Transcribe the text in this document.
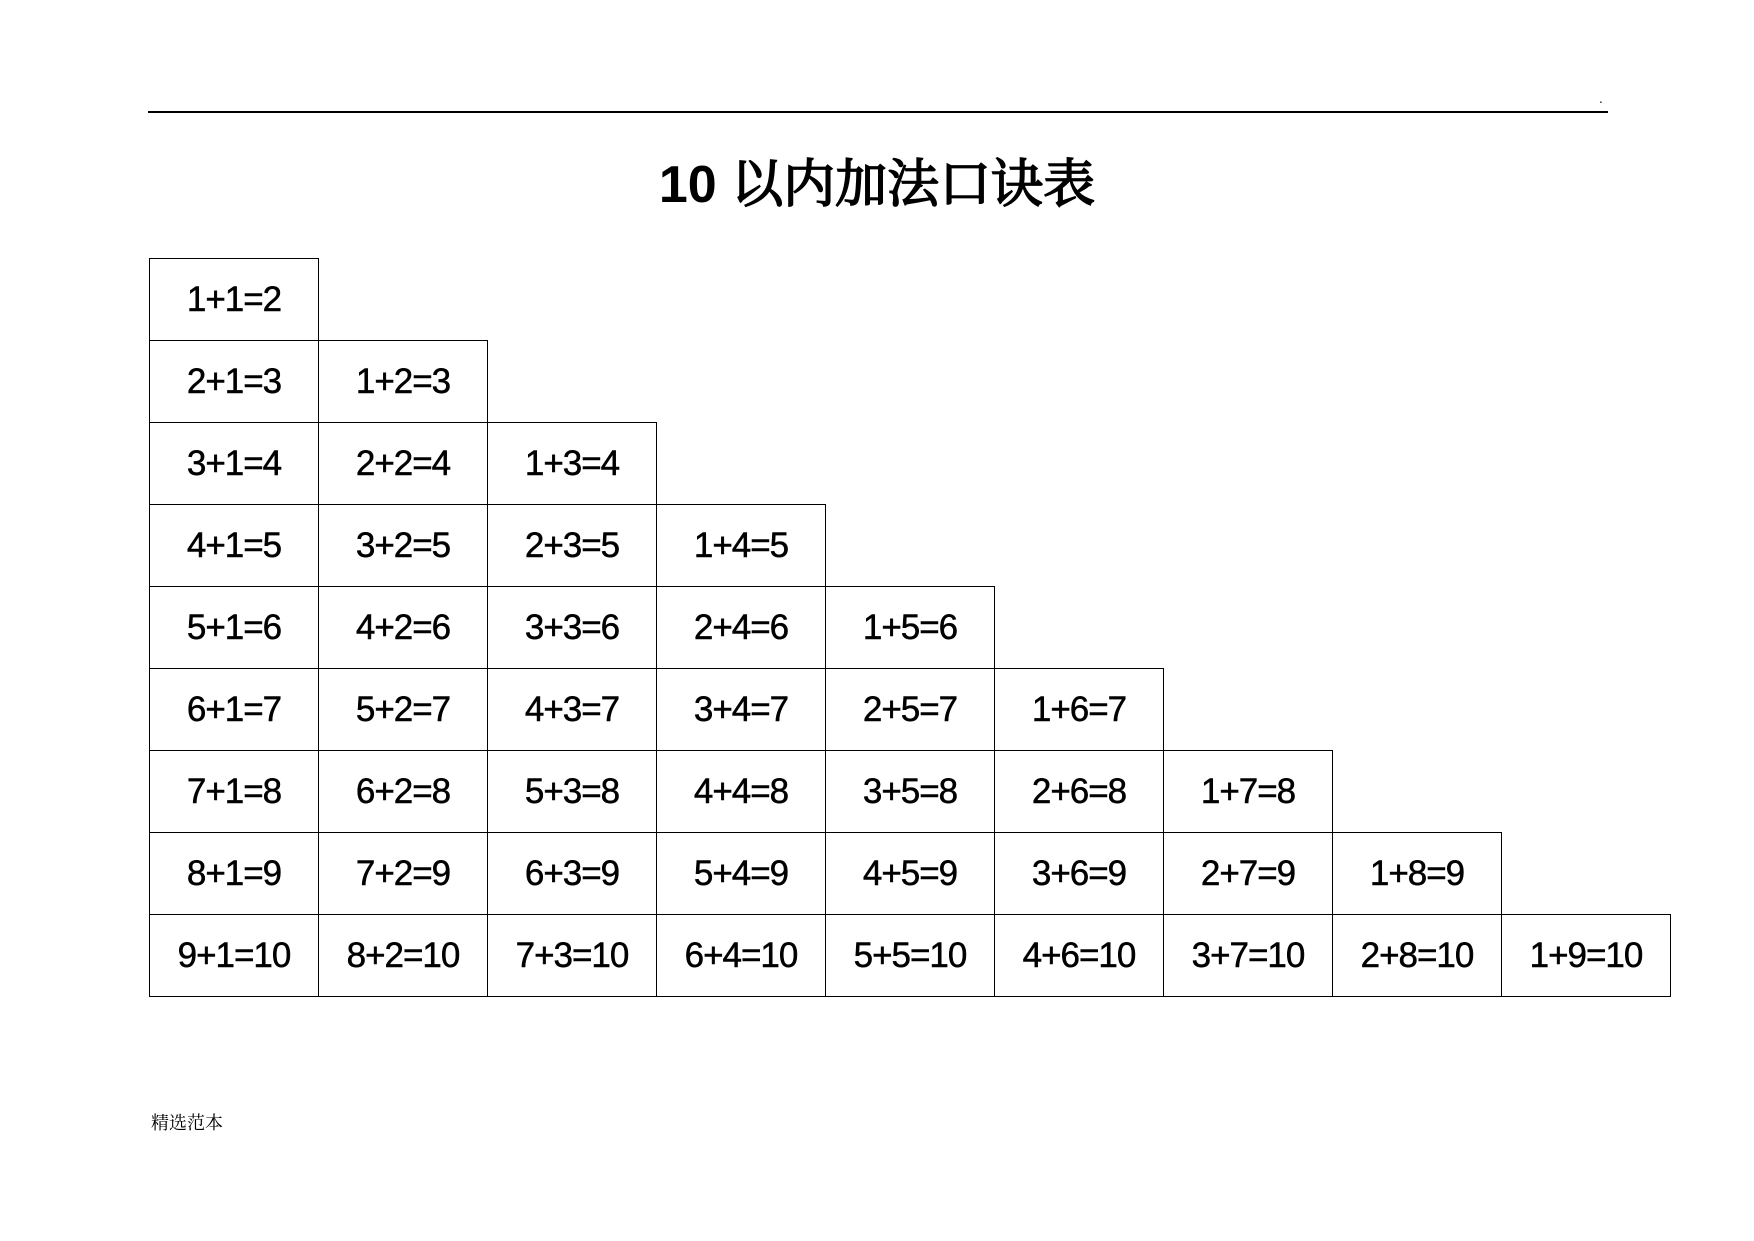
.
10 以内加法口诀表
1+1=2
2+1=3	1+2=3
3+1=4	2+2=4	1+3=4
4+1=5	3+2=5	2+3=5	1+4=5
5+1=6	4+2=6	3+3=6	2+4=6	1+5=6
6+1=7	5+2=7	4+3=7	3+4=7	2+5=7	1+6=7
7+1=8	6+2=8	5+3=8	4+4=8	3+5=8	2+6=8	1+7=8
8+1=9	7+2=9	6+3=9	5+4=9	4+5=9	3+6=9	2+7=9	1+8=9
9+1=10	8+2=10	7+3=10	6+4=10	5+5=10	4+6=10	3+7=10	2+8=10	1+9=10
精选范本
